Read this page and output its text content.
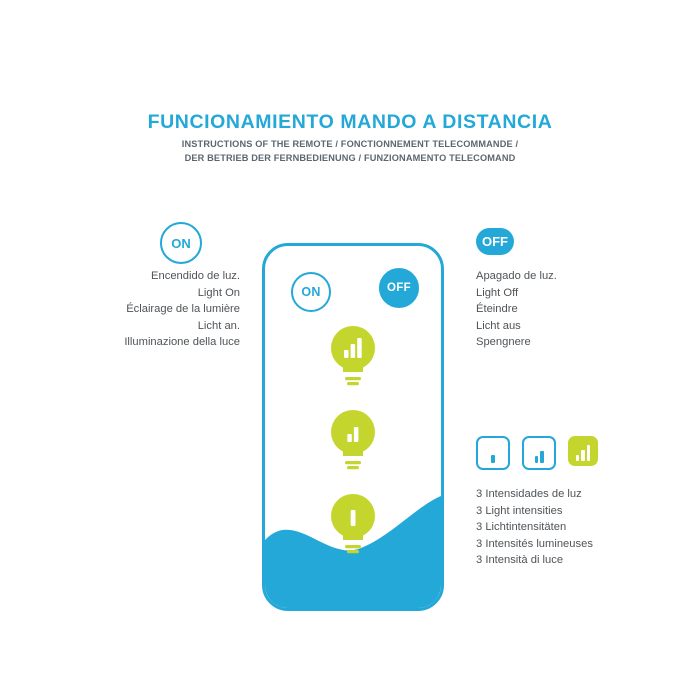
FUNCIONAMIENTO MANDO A DISTANCIA
INSTRUCTIONS OF THE REMOTE / FONCTIONNEMENT TELECOMMANDE /
DER BETRIEB DER FERNBEDIENUNG / FUNZIONAMENTO TELECOMAND
ON
Encendido de luz.
Light On
Éclairage de la lumière
Licht an.
Illuminazione della luce
OFF
Apagado de luz.
Light Off
Éteindre
Licht aus
Spengnere
3 Intensidades de luz
3 Light intensities
3 Lichtintensitäten
3 Intensités lumineuses
3 Intensità di luce
ON	OFF
